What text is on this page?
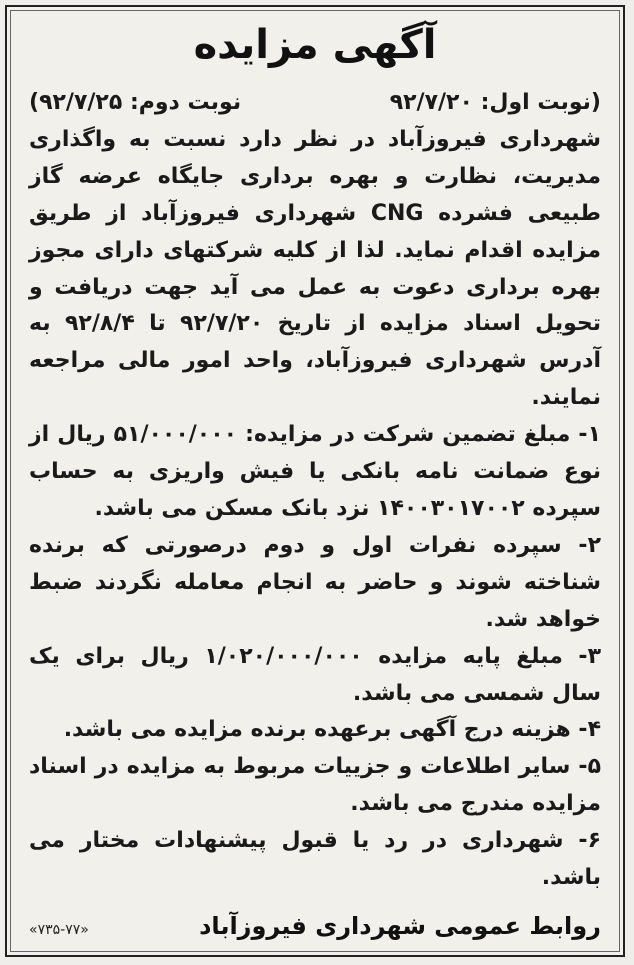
آگهی مزایده
(نوبت اول: ۹۲/۷/۲۰
نوبت دوم: ۹۲/۷/۲۵)

شهرداری فیروزآباد در نظر دارد نسبت به واگذاری مدیریت، نظارت و بهره برداری جایگاه عرضه گاز طبیعی فشرده CNG شهرداری فیروزآباد از طریق مزایده اقدام نماید. لذا از کلیه شرکتهای دارای مجوز بهره برداری دعوت به عمل می آید جهت دریافت و تحویل اسناد مزایده از تاریخ ۹۲/۷/۲۰ تا ۹۲/۸/۴ به آدرس شهرداری فیروزآباد، واحد امور مالی مراجعه نمایند.

۱- مبلغ تضمین شرکت در مزایده: ۵۱/۰۰۰/۰۰۰ ریال از نوع ضمانت نامه بانکی یا فیش واریزی به حساب سپرده ۱۴۰۰۳۰۱۷۰۰۲ نزد بانک مسکن می باشد.

۲- سپرده نفرات اول و دوم درصورتی که برنده شناخته شوند و حاضر به انجام معامله نگردند ضبط خواهد شد.

۳- مبلغ پایه مزایده ۱/۰۲۰/۰۰۰/۰۰۰ ریال برای یک سال شمسی می باشد.

۴- هزینه درج آگهی برعهده برنده مزایده می باشد.

۵- سایر اطلاعات و جزییات مربوط به مزایده در اسناد مزایده مندرج می باشد.

۶- شهرداری در رد یا قبول پیشنهادات مختار می باشد.

روابط عمومی شهرداری فیروزآباد
«۷۳۵-۷۷»
